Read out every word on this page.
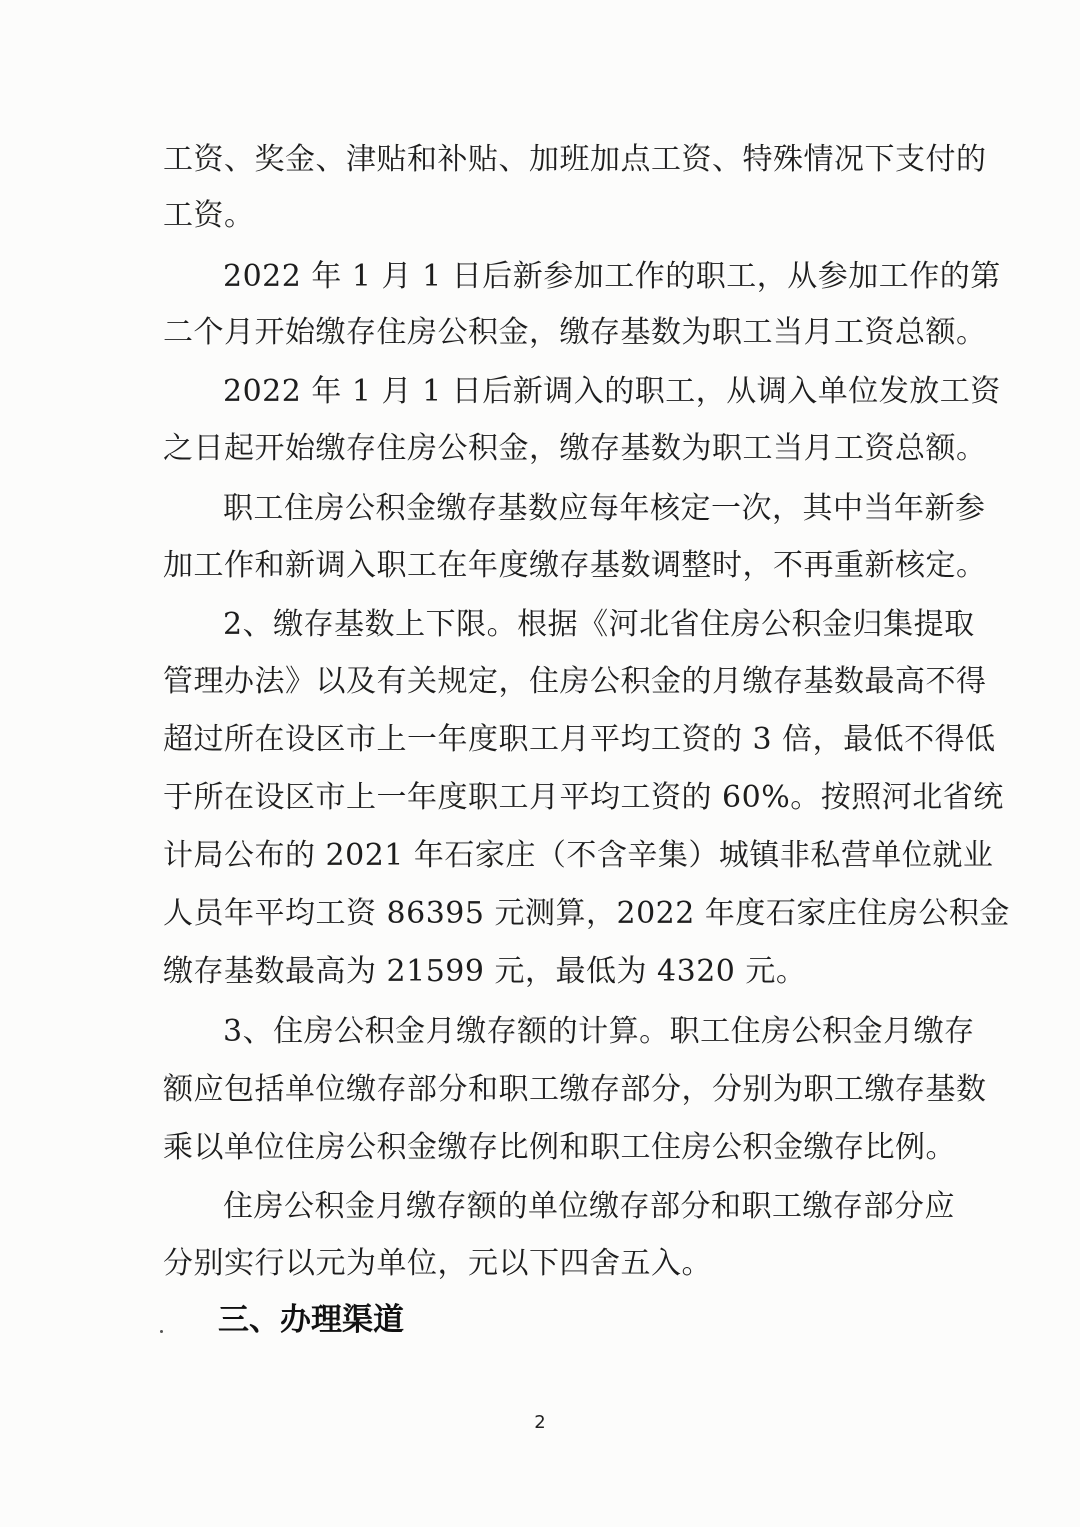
工资、奖金、津贴和补贴、加班加点工资、特殊情况下支付的
工资。
2022 年 1 月 1 日后新参加工作的职工，从参加工作的第
二个月开始缴存住房公积金，缴存基数为职工当月工资总额。
2022 年 1 月 1 日后新调入的职工，从调入单位发放工资
之日起开始缴存住房公积金，缴存基数为职工当月工资总额。
职工住房公积金缴存基数应每年核定一次，其中当年新参
加工作和新调入职工在年度缴存基数调整时，不再重新核定。
2、缴存基数上下限。根据《河北省住房公积金归集提取
管理办法》以及有关规定，住房公积金的月缴存基数最高不得
超过所在设区市上一年度职工月平均工资的 3 倍，最低不得低
于所在设区市上一年度职工月平均工资的 60%。按照河北省统
计局公布的 2021 年石家庄（不含辛集）城镇非私营单位就业
人员年平均工资 86395 元测算，2022 年度石家庄住房公积金
缴存基数最高为 21599 元，最低为 4320 元。
3、住房公积金月缴存额的计算。职工住房公积金月缴存
额应包括单位缴存部分和职工缴存部分，分别为职工缴存基数
乘以单位住房公积金缴存比例和职工住房公积金缴存比例。
住房公积金月缴存额的单位缴存部分和职工缴存部分应
分别实行以元为单位，元以下四舍五入。
三、办理渠道
2
